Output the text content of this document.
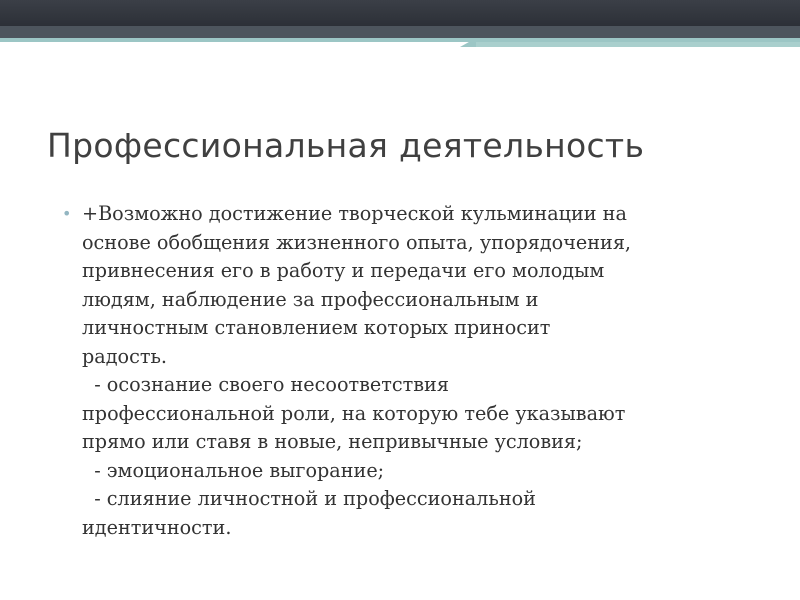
Профессиональная деятельность
• +Возможно достижение творческой кульминации на
основе обобщения жизненного опыта, упорядочения,
привнесения его в работу и передачи его молодым
людям, наблюдение за профессиональным и
личностным становлением которых приносит
радость.
- осознание своего несоответствия
профессиональной роли, на которую тебе указывают
прямо или ставя в новые, непривычные условия;
- эмоциональное выгорание;
- слияние личностной и профессиональной
идентичности.
